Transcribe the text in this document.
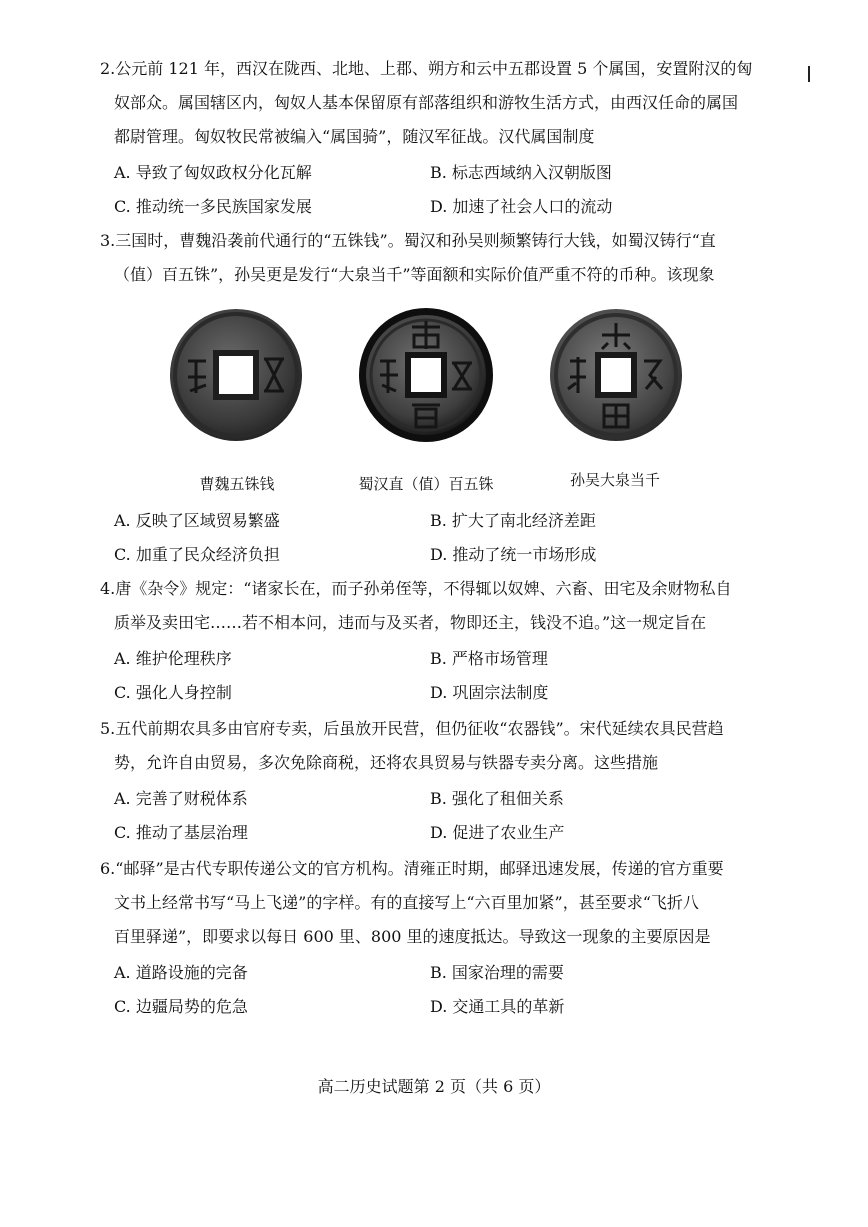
2.公元前 121 年，西汉在陇西、北地、上郡、朔方和云中五郡设置 5 个属国，安置附汉的匈
奴部众。属国辖区内，匈奴人基本保留原有部落组织和游牧生活方式，由西汉任命的属国
都尉管理。匈奴牧民常被编入“属国骑”，随汉军征战。汉代属国制度
A. 导致了匈奴政权分化瓦解	B. 标志西域纳入汉朝版图
C. 推动统一多民族国家发展	D. 加速了社会人口的流动
3.三国时，曹魏沿袭前代通行的“五铢钱”。蜀汉和孙吴则频繁铸行大钱，如蜀汉铸行“直
（值）百五铢”，孙吴更是发行“大泉当千”等面额和实际价值严重不符的币种。该现象
曹魏五铢钱	蜀汉直（值）百五铢	孙吴大泉当千
A. 反映了区域贸易繁盛	B. 扩大了南北经济差距
C. 加重了民众经济负担	D. 推动了统一市场形成
4.唐《杂令》规定：“诸家长在，而子孙弟侄等，不得辄以奴婢、六畜、田宅及余财物私自
质举及卖田宅……若不相本问，违而与及买者，物即还主，钱没不追。”这一规定旨在
A. 维护伦理秩序	B. 严格市场管理
C. 强化人身控制	D. 巩固宗法制度
5.五代前期农具多由官府专卖，后虽放开民营，但仍征收“农器钱”。宋代延续农具民营趋
势，允许自由贸易，多次免除商税，还将农具贸易与铁器专卖分离。这些措施
A. 完善了财税体系	B. 强化了租佃关系
C. 推动了基层治理	D. 促进了农业生产
6.“邮驿”是古代专职传递公文的官方机构。清雍正时期，邮驿迅速发展，传递的官方重要
文书上经常书写“马上飞递”的字样。有的直接写上“六百里加紧”，甚至要求“飞折八
百里驿递”，即要求以每日 600 里、800 里的速度抵达。导致这一现象的主要原因是
A. 道路设施的完备	B. 国家治理的需要
C. 边疆局势的危急	D. 交通工具的革新
高二历史试题第 2 页（共 6 页）
